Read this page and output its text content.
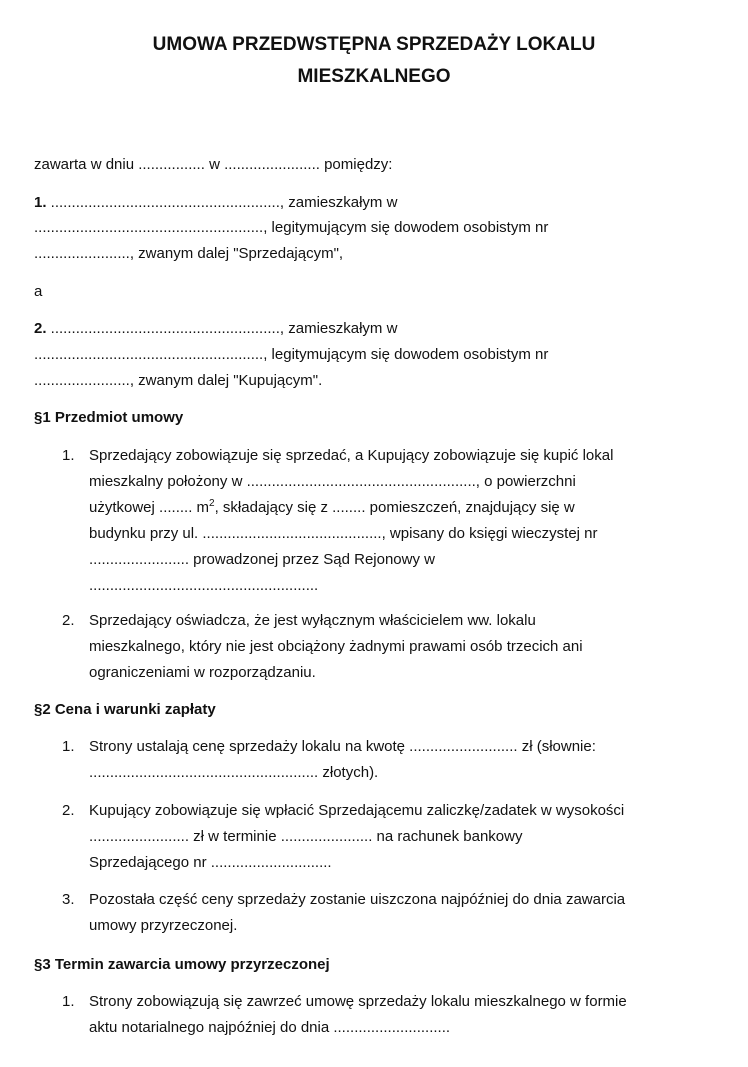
UMOWA PRZEDWSTĘPNA SPRZEDAŻY LOKALU
MIESZKALNEGO
zawarta w dniu ................ w ....................... pomiędzy:
1. ......................................................., zamieszkałym w
......................................................., legitymującym się dowodem osobistym nr
......................., zwanym dalej "Sprzedającym",
a
2. ......................................................., zamieszkałym w
......................................................., legitymującym się dowodem osobistym nr
......................., zwanym dalej "Kupującym".
§1 Przedmiot umowy
1. Sprzedający zobowiązuje się sprzedać, a Kupujący zobowiązuje się kupić lokal
mieszkalny położony w ......................................................., o powierzchni
użytkowej ........ $m^2$, składający się z ........ pomieszczeń, znajdujący się w
budynku przy ul. ..........................................., wpisany do księgi wieczystej nr
........................ prowadzonej przez Sąd Rejonowy w
.......................................................
2. Sprzedający oświadcza, że jest wyłącznym właścicielem ww. lokalu
mieszkalnego, który nie jest obciążony żadnymi prawami osób trzecich ani
ograniczeniami w rozporządzaniu.
§2 Cena i warunki zapłaty
1. Strony ustalają cenę sprzedaży lokalu na kwotę .......................... zł (słownie:
....................................................... złotych).
2. Kupujący zobowiązuje się wpłacić Sprzedającemu zaliczkę/zadatek w wysokości
........................ zł w terminie ...................... na rachunek bankowy
Sprzedającego nr .............................
3. Pozostała część ceny sprzedaży zostanie uiszczona najpóźniej do dnia zawarcia
umowy przyrzeczonej.
§3 Termin zawarcia umowy przyrzeczonej
1. Strony zobowiązują się zawrzeć umowę sprzedaży lokalu mieszkalnego w formie
aktu notarialnego najpóźniej do dnia ............................
